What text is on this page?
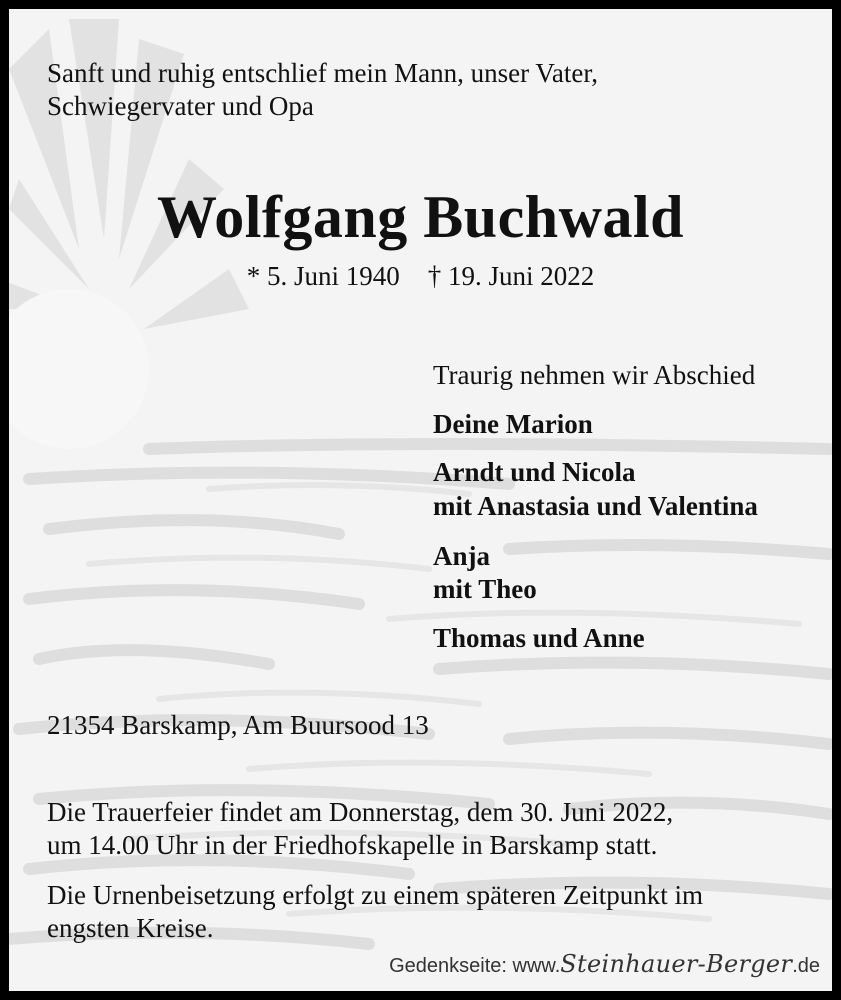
Sanft und ruhig entschlief mein Mann, unser Vater,

Schwiegervater und Opa

Wolfgang Buchwald
* 5. Juni 1940 † 19. Juni 2022

Traurig nehmen wir Abschied

Deine Marion

Arndt und Nicola

mit Anastasia und Valentina

Anja

mit Theo

Thomas und Anne

21354 Barskamp, Am Buursood 13

Die Trauerfeier findet am Donnerstag, dem 30. Juni 2022,

um 14.00 Uhr in der Friedhofskapelle in Barskamp statt.

Die Urnenbeisetzung erfolgt zu einem späteren Zeitpunkt im

engsten Kreise.

Gedenkseite: www.Steinhauer-Berger.de
